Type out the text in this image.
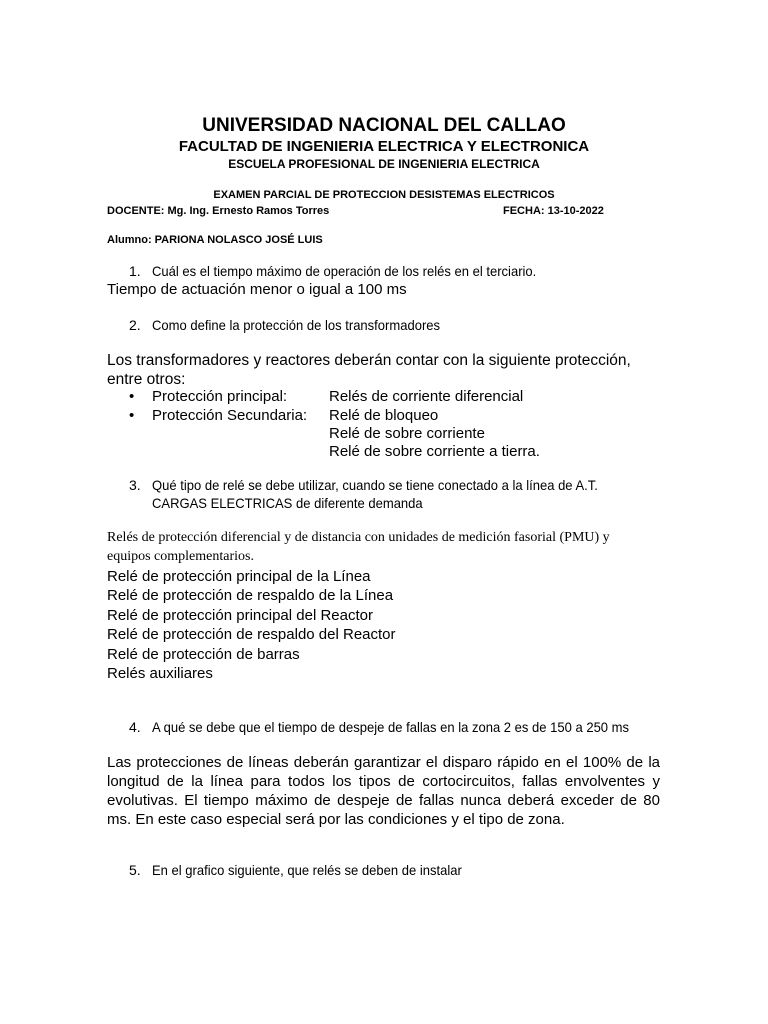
UNIVERSIDAD NACIONAL DEL CALLAO
FACULTAD DE INGENIERIA ELECTRICA Y ELECTRONICA
ESCUELA PROFESIONAL DE INGENIERIA ELECTRICA
EXAMEN PARCIAL DE PROTECCION DESISTEMAS ELECTRICOS
DOCENTE: Mg. Ing. Ernesto Ramos Torres	FECHA: 13-10-2022
Alumno: PARIONA NOLASCO JOSÉ LUIS
1. Cuál es el tiempo máximo de operación de los relés en el terciario.
Tiempo de actuación menor o igual a 100 ms
2. Como define la protección de los transformadores
Los transformadores y reactores deberán contar con la siguiente protección, entre otros:
• Protección principal:	Relés de corriente diferencial
• Protección Secundaria: Relé de bloqueo
Relé de sobre corriente
Relé de sobre corriente a tierra.
3. Qué tipo de relé se debe utilizar, cuando se tiene conectado a la línea de A.T.
CARGAS ELECTRICAS de diferente demanda
Relés de protección diferencial y de distancia con unidades de medición fasorial (PMU) y
equipos complementarios.
Relé de protección principal de la Línea
Relé de protección de respaldo de la Línea
Relé de protección principal del Reactor
Relé de protección de respaldo del Reactor
Relé de protección de barras
Relés auxiliares
4. A qué se debe que el tiempo de despeje de fallas en la zona 2 es de 150 a 250 ms
Las protecciones de líneas deberán garantizar el disparo rápido en el 100% de la longitud de la línea para todos los tipos de cortocircuitos, fallas envolventes y evolutivas. El tiempo máximo de despeje de fallas nunca deberá exceder de 80 ms. En este caso especial será por las condiciones y el tipo de zona.
5. En el grafico siguiente, que relés se deben de instalar
